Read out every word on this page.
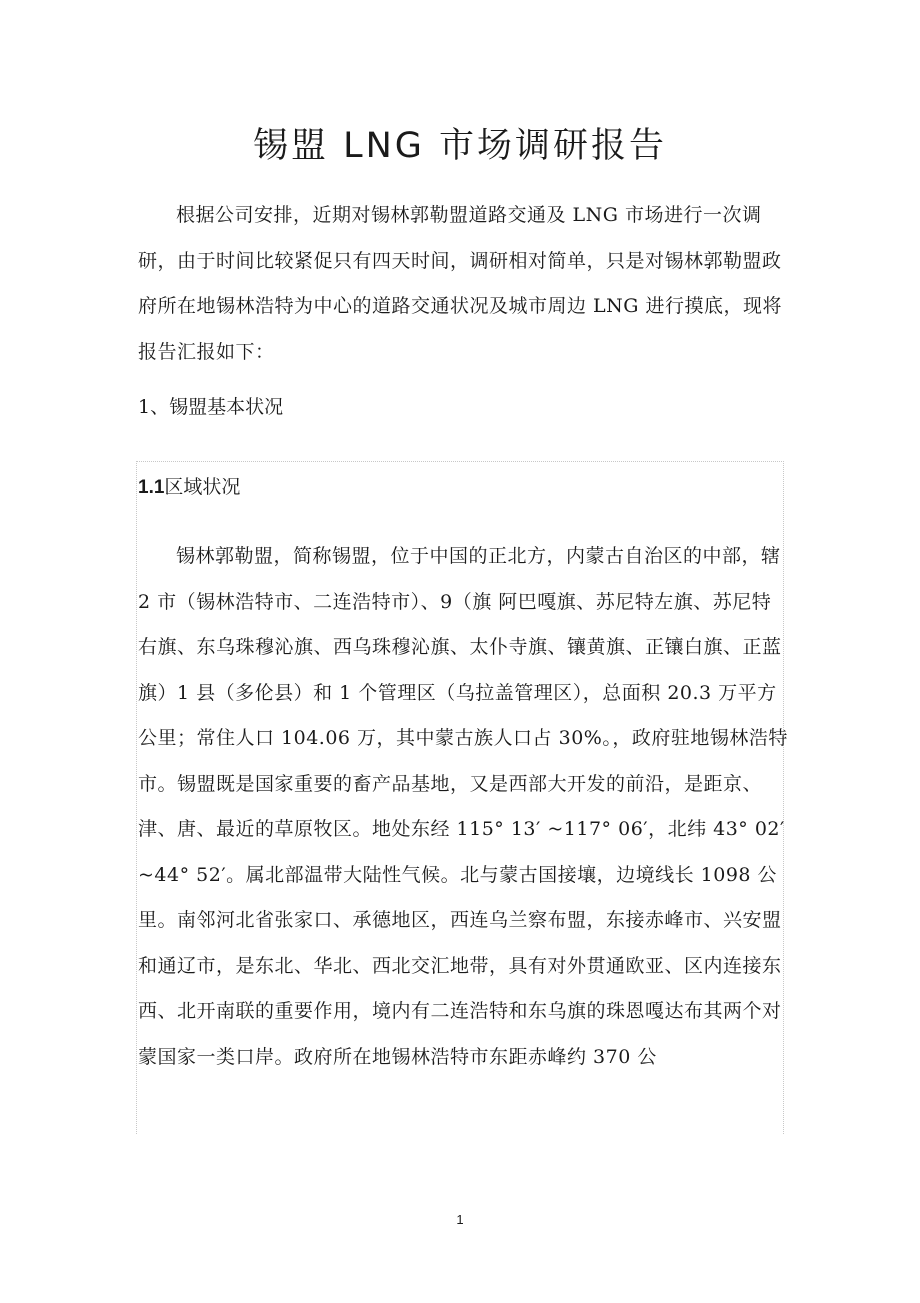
锡盟 LNG 市场调研报告

根据公司安排，近期对锡林郭勒盟道路交通及 LNG 市场进行一次调研，由于时间比较紧促只有四天时间，调研相对简单，只是对锡林郭勒盟政府所在地锡林浩特为中心的道路交通状况及城市周边 LNG 进行摸底，现将报告汇报如下：

1、锡盟基本状况
1.1区域状况

锡林郭勒盟，简称锡盟，位于中国的正北方，内蒙古自治区的中部，辖 2 市（锡林浩特市、二连浩特市）、9（旗 阿巴嘎旗、苏尼特左旗、苏尼特右旗、东乌珠穆沁旗、西乌珠穆沁旗、太仆寺旗、镶黄旗、正镶白旗、正蓝旗）1 县（多伦县）和 1 个管理区（乌拉盖管理区），总面积 20.3 万平方公里；常住人口 104.06 万，其中蒙古族人口占 30%。，政府驻地锡林浩特市。锡盟既是国家重要的畜产品基地，又是西部大开发的前沿，是距京、津、唐、最近的草原牧区。地处东经 115° 13′ ~117° 06′，北纬 43° 02′ ~44° 52′。属北部温带大陆性气候。北与蒙古国接壤，边境线长 1098 公里。南邻河北省张家口、承德地区，西连乌兰察布盟，东接赤峰市、兴安盟和通辽市，是东北、华北、西北交汇地带，具有对外贯通欧亚、区内连接东西、北开南联的重要作用，境内有二连浩特和东乌旗的珠恩嘎达布其两个对蒙国家一类口岸。政府所在地锡林浩特市东距赤峰约 370 公

1
